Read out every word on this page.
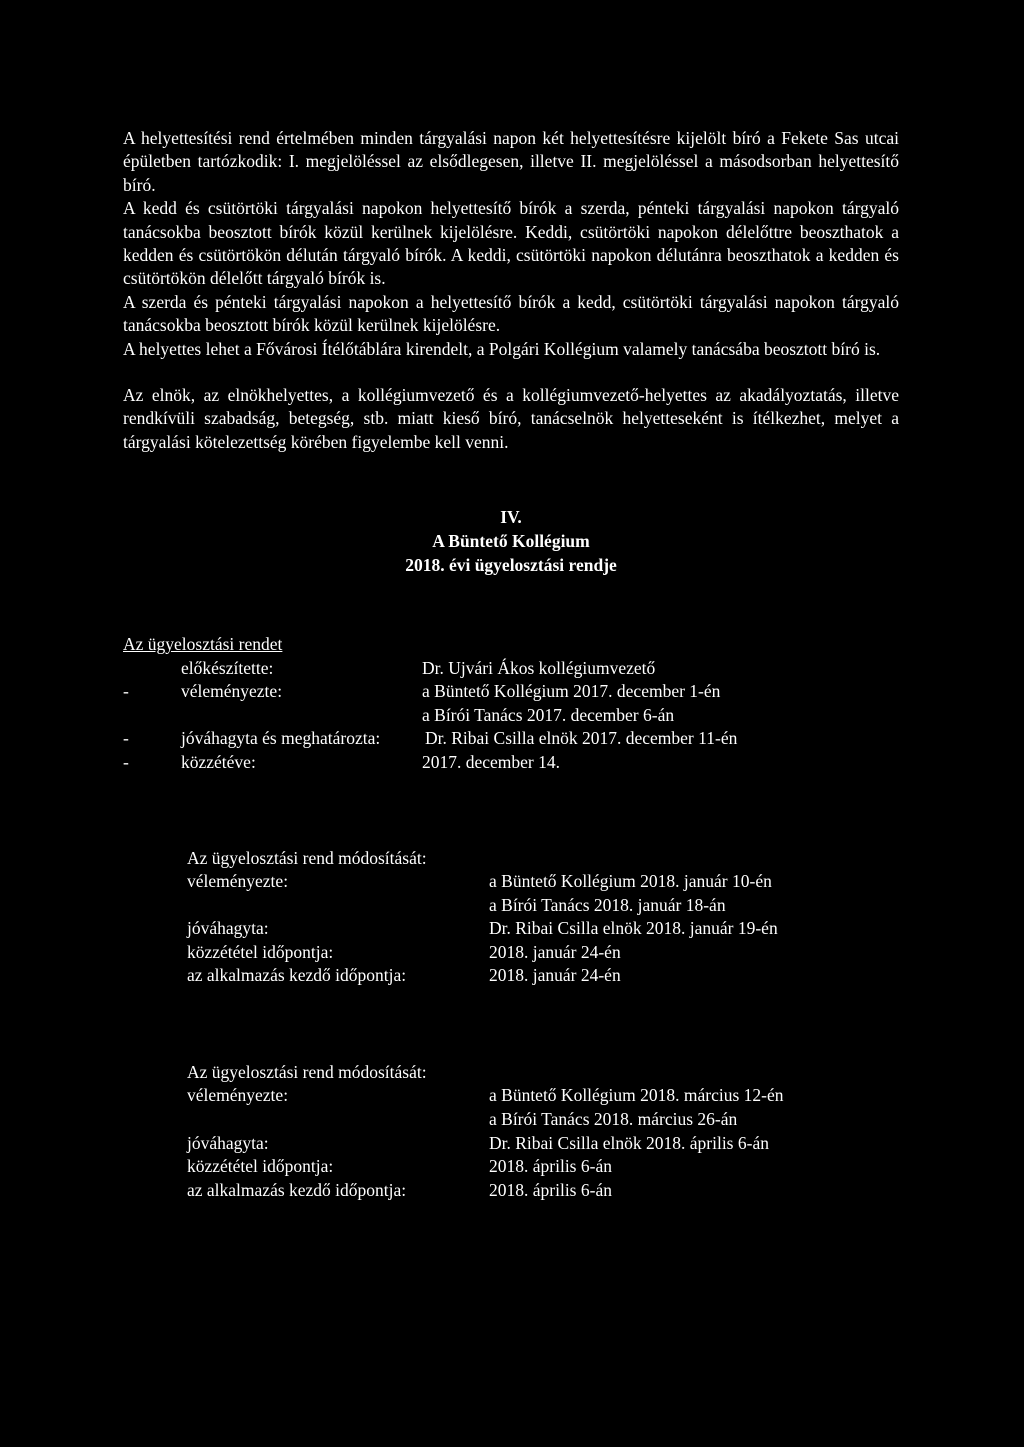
A helyettesítési rend értelmében minden tárgyalási napon két helyettesítésre kijelölt bíró a Fekete Sas utcai épületben tartózkodik: I. megjelöléssel az elsődlegesen, illetve II. megjelöléssel a másodsorban helyettesítő bíró.

A kedd és csütörtöki tárgyalási napokon helyettesítő bírók a szerda, pénteki tárgyalási napokon tárgyaló tanácsokba beosztott bírók közül kerülnek kijelölésre. Keddi, csütörtöki napokon délelőttre beoszthatok a kedden és csütörtökön délután tárgyaló bírók. A keddi, csütörtöki napokon délutánra beoszthatok a kedden és csütörtökön délelőtt tárgyaló bírók is.

A szerda és pénteki tárgyalási napokon a helyettesítő bírók a kedd, csütörtöki tárgyalási napokon tárgyaló tanácsokba beosztott bírók közül kerülnek kijelölésre.

A helyettes lehet a Fővárosi Ítélőtáblára kirendelt, a Polgári Kollégium valamely tanácsába beosztott bíró is.

Az elnök, az elnökhelyettes, a kollégiumvezető és a kollégiumvezető-helyettes az akadályoztatás, illetve rendkívüli szabadság, betegség, stb. miatt kieső bíró, tanácselnök helyetteseként is ítélkezhet, melyet a tárgyalási kötelezettség körében figyelembe kell venni.

IV.

A Büntető Kollégium

2018. évi ügyelosztási rendje

Az ügyelosztási rendet
előkészítette:	Dr. Ujvári Ákos kollégiumvezető
-	véleményezte:	a Büntető Kollégium 2017. december 1-én
a Bírói Tanács 2017. december 6-án
-	jóváhagyta és meghatározta:	Dr. Ribai Csilla elnök 2017. december 11-én
-	közzétéve:	2017. december 14.
Az ügyelosztási rend módosítását:
véleményezte:	a Büntető Kollégium 2018. január 10-én
a Bírói Tanács 2018. január 18-án
jóváhagyta:	Dr. Ribai Csilla elnök 2018. január 19-én
közzététel időpontja:	2018. január 24-én
az alkalmazás kezdő időpontja:	2018. január 24-én
Az ügyelosztási rend módosítását:
véleményezte:	a Büntető Kollégium 2018. március 12-én
a Bírói Tanács 2018. március 26-án
jóváhagyta:	Dr. Ribai Csilla elnök 2018. április 6-án
közzététel időpontja:	2018. április 6-án
az alkalmazás kezdő időpontja:	2018. április 6-án
